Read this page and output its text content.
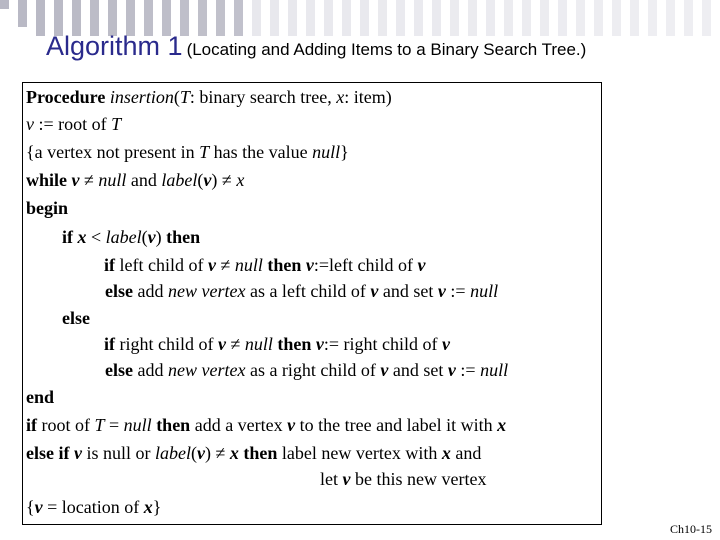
Algorithm 1 (Locating and Adding Items to a Binary Search Tree.)
Procedure insertion(T: binary search tree, x: item)
v := root of T
{a vertex not present in T has the value null}
while v ≠ null and label(v) ≠ x
begin
if x < label(v) then
if left child of v ≠ null then v:=left child of v
else add new vertex as a left child of v and set v := null
else
if right child of v ≠ null then v:= right child of v
else add new vertex as a right child of v and set v := null
end
if root of T = null then add a vertex v to the tree and label it with x
else if v is null or label(v) ≠ x then label new vertex with x and
let v be this new vertex
{v = location of x}
Ch10-15
